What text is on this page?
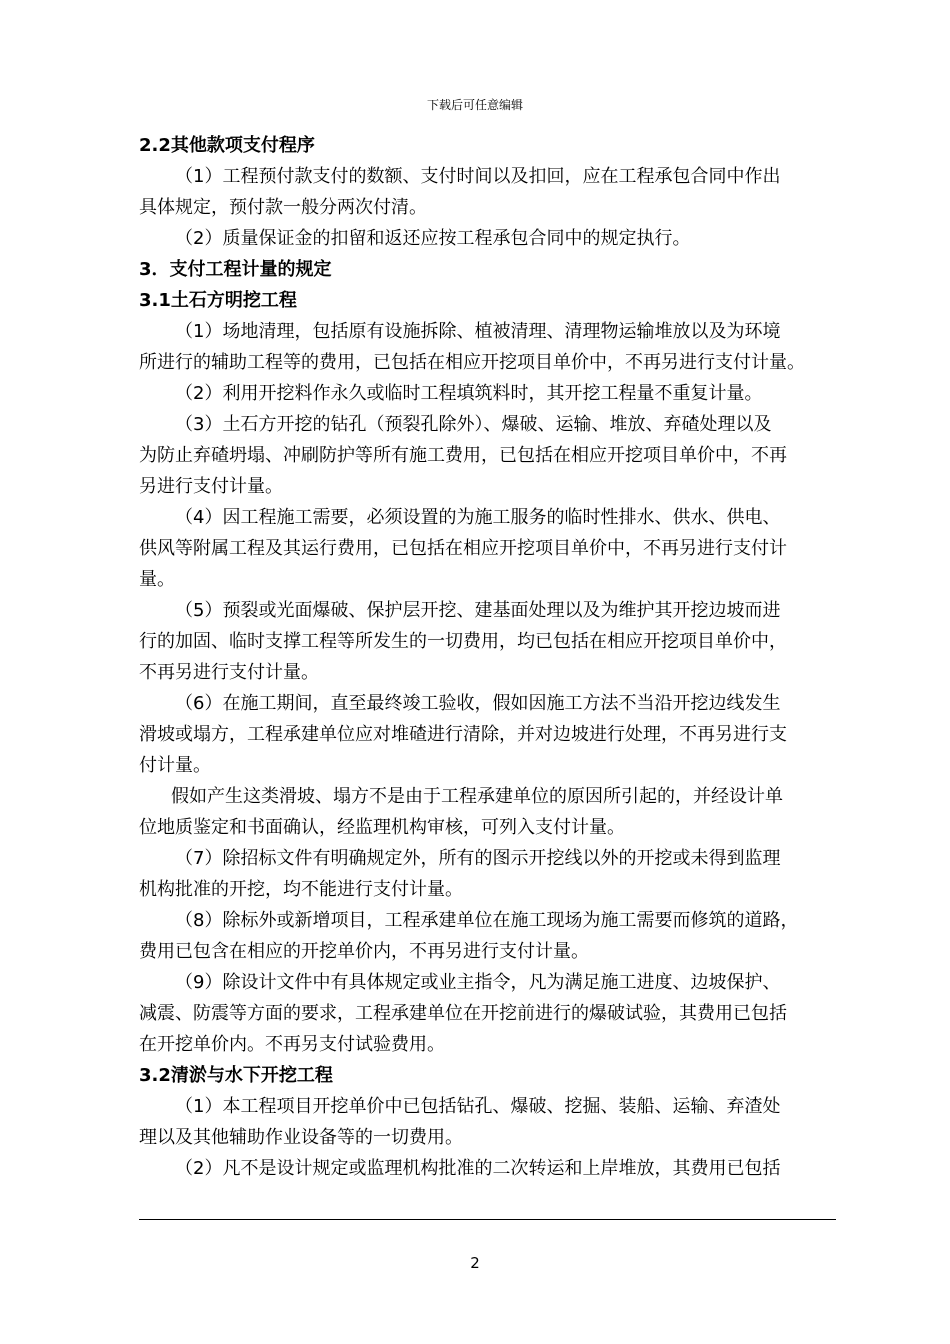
下载后可任意编辑
2.2其他款项支付程序
（1）工程预付款支付的数额、支付时间以及扣回，应在工程承包合同中作出
具体规定，预付款一般分两次付清。
（2）质量保证金的扣留和返还应按工程承包合同中的规定执行。
3．支付工程计量的规定
3.1土石方明挖工程
（1）场地清理，包括原有设施拆除、植被清理、清理物运输堆放以及为环境
所进行的辅助工程等的费用，已包括在相应开挖项目单价中，不再另进行支付计量。
（2）利用开挖料作永久或临时工程填筑料时，其开挖工程量不重复计量。
（3）土石方开挖的钻孔（预裂孔除外）、爆破、运输、堆放、弃碴处理以及
为防止弃碴坍塌、冲刷防护等所有施工费用，已包括在相应开挖项目单价中，不再
另进行支付计量。
（4）因工程施工需要，必须设置的为施工服务的临时性排水、供水、供电、
供风等附属工程及其运行费用，已包括在相应开挖项目单价中，不再另进行支付计
量。
（5）预裂或光面爆破、保护层开挖、建基面处理以及为维护其开挖边坡而进
行的加固、临时支撑工程等所发生的一切费用，均已包括在相应开挖项目单价中，
不再另进行支付计量。
（6）在施工期间，直至最终竣工验收，假如因施工方法不当沿开挖边线发生
滑坡或塌方，工程承建单位应对堆碴进行清除，并对边坡进行处理，不再另进行支
付计量。
假如产生这类滑坡、塌方不是由于工程承建单位的原因所引起的，并经设计单
位地质鉴定和书面确认，经监理机构审核，可列入支付计量。
（7）除招标文件有明确规定外，所有的图示开挖线以外的开挖或未得到监理
机构批准的开挖，均不能进行支付计量。
（8）除标外或新增项目，工程承建单位在施工现场为施工需要而修筑的道路，
费用已包含在相应的开挖单价内，不再另进行支付计量。
（9）除设计文件中有具体规定或业主指令，凡为满足施工进度、边坡保护、
减震、防震等方面的要求，工程承建单位在开挖前进行的爆破试验，其费用已包括
在开挖单价内。不再另支付试验费用。
3.2清淤与水下开挖工程
（1）本工程项目开挖单价中已包括钻孔、爆破、挖掘、装船、运输、弃渣处
理以及其他辅助作业设备等的一切费用。
（2）凡不是设计规定或监理机构批准的二次转运和上岸堆放，其费用已包括
2
